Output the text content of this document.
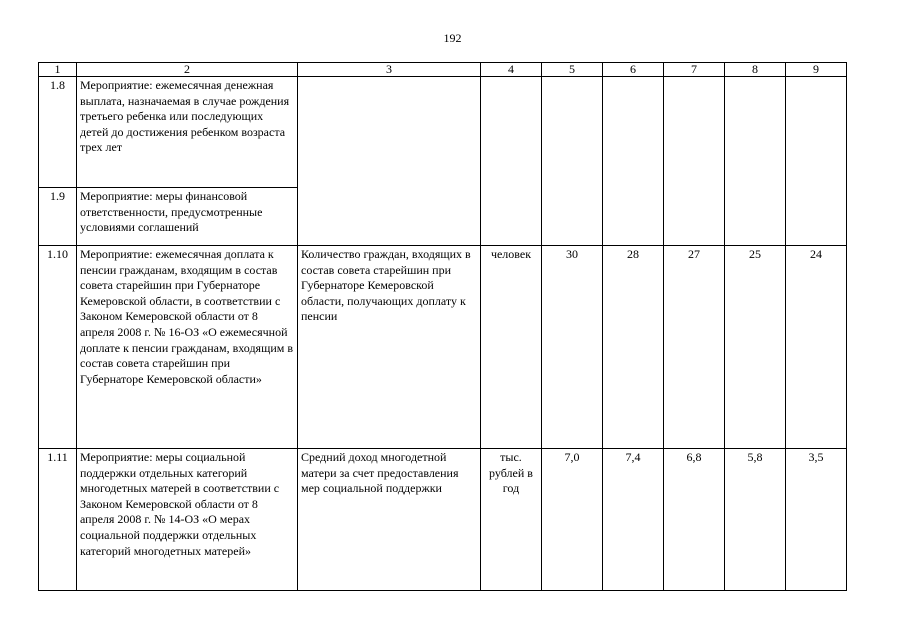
192
1	2	3	4	5	6	7	8	9
1.8	Мероприятие: ежемесячная денежная выплата, назначаемая в случае рождения третьего ребенка или последующих детей до достижения ребенком возраста трех лет							
1.9	Мероприятие: меры финансовой ответственности, предусмотренные условиями соглашений							
1.10	Мероприятие: ежемесячная доплата к пенсии гражданам, входящим в состав совета старейшин при Губернаторе Кемеровской области, в соответствии с Законом Кемеровской области от 8 апреля 2008 г. № 16-ОЗ «О ежемесячной доплате к пенсии гражданам, входящим в состав совета старейшин при Губернаторе Кемеровской области»	Количество граждан, входящих в состав совета старейшин при Губернаторе Кемеровской области, получающих доплату к пенсии	человек	30	28	27	25	24
1.11	Мероприятие: меры социальной поддержки отдельных категорий многодетных матерей в соответствии с Законом Кемеровской области от 8 апреля 2008 г. № 14-ОЗ «О мерах социальной поддержки отдельных категорий многодетных матерей»	Средний доход многодетной матери за счет предоставления мер социальной поддержки	тыс. рублей в год	7,0	7,4	6,8	5,8	3,5
